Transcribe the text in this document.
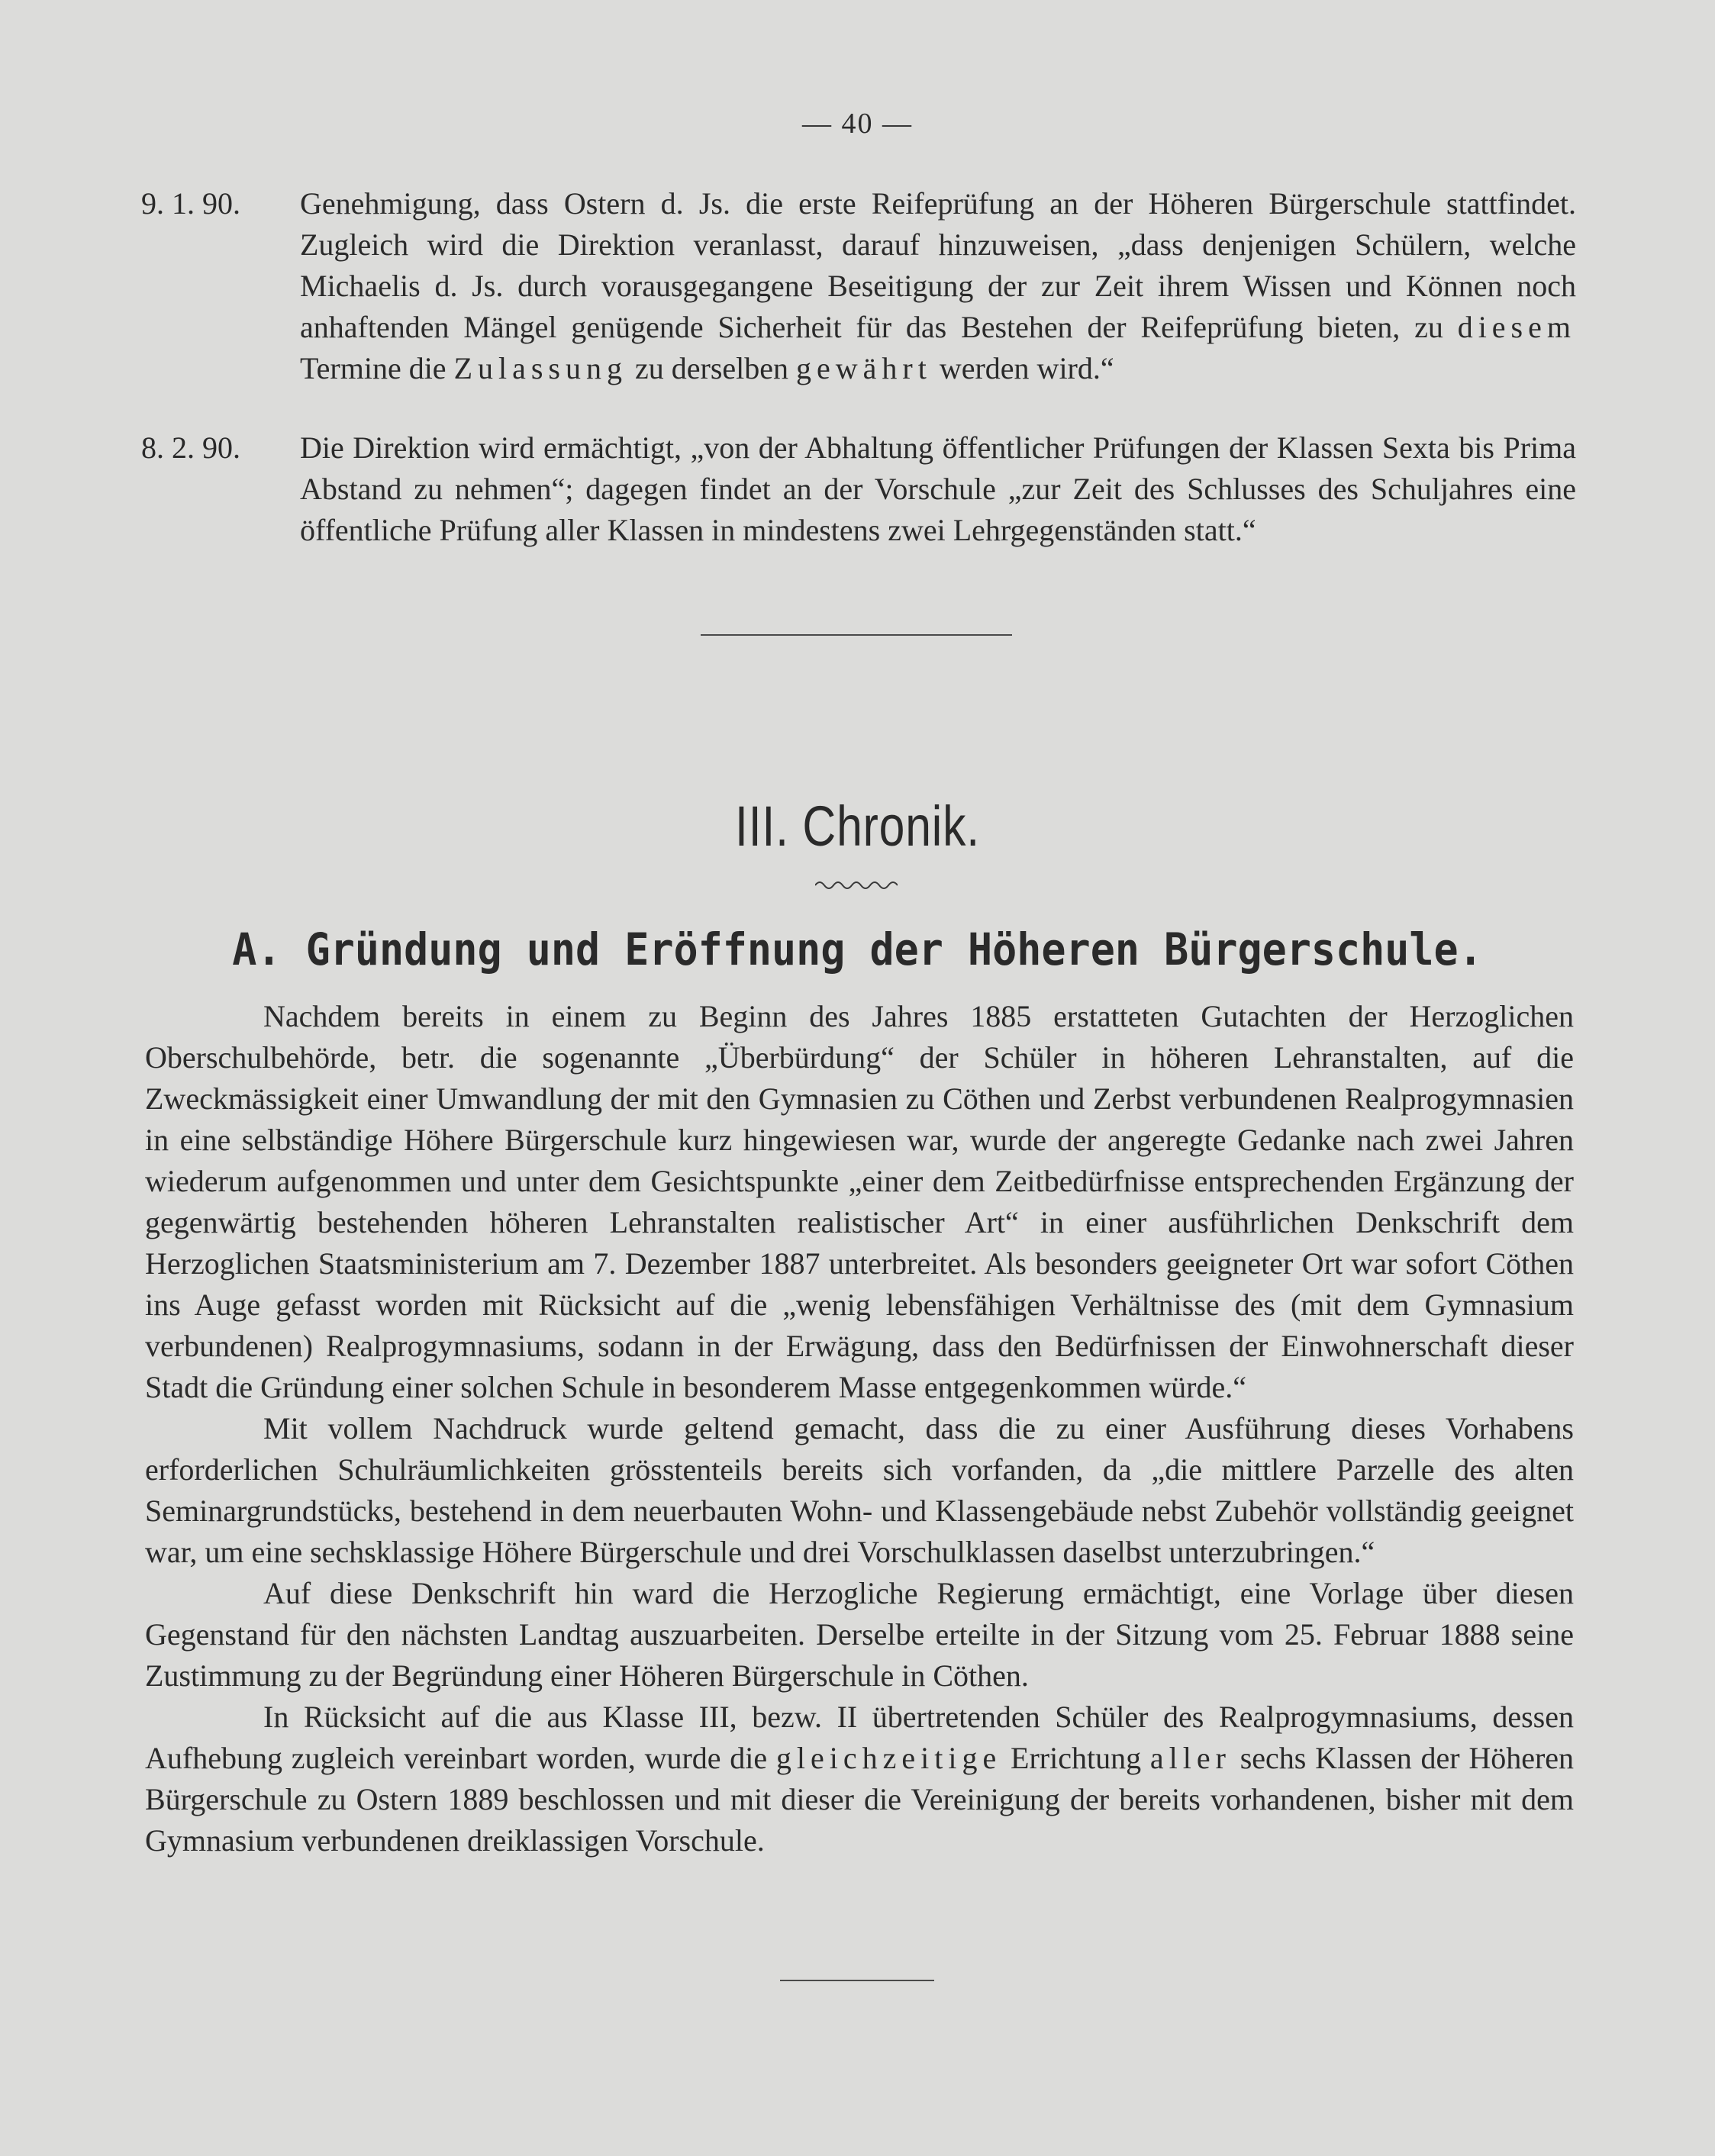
— 40 —
9. 1. 90.	Genehmigung, dass Ostern d. Js. die erste Reifeprüfung an der Höheren Bürgerschule stattfindet. Zugleich wird die Direktion veranlasst, darauf hinzuweisen, „dass denjenigen Schülern, welche Michaelis d. Js. durch vorausgegangene Beseitigung der zur Zeit ihrem Wissen und Können noch anhaftenden Mängel genügende Sicherheit für das Bestehen der Reifeprüfung bieten, zu diesem Termine die Zulassung zu derselben gewährt werden wird.“
8. 2. 90.	Die Direktion wird ermächtigt, „von der Abhaltung öffentlicher Prüfungen der Klassen Sexta bis Prima Abstand zu nehmen“; dagegen findet an der Vorschule „zur Zeit des Schlusses des Schuljahres eine öffentliche Prüfung aller Klassen in mindestens zwei Lehrgegenständen statt.“
III. Chronik.
A. Gründung und Eröffnung der Höheren Bürgerschule.

Nachdem bereits in einem zu Beginn des Jahres 1885 erstatteten Gutachten der Herzoglichen Oberschulbehörde, betr. die sogenannte „Überbürdung“ der Schüler in höheren Lehranstalten, auf die Zweckmässigkeit einer Umwandlung der mit den Gymnasien zu Cöthen und Zerbst verbundenen Realprogymnasien in eine selbständige Höhere Bürgerschule kurz hingewiesen war, wurde der angeregte Gedanke nach zwei Jahren wiederum aufgenommen und unter dem Gesichtspunkte „einer dem Zeitbedürfnisse entsprechenden Ergänzung der gegenwärtig bestehenden höheren Lehranstalten realistischer Art“ in einer ausführlichen Denkschrift dem Herzoglichen Staatsministerium am 7. Dezember 1887 unterbreitet. Als besonders geeigneter Ort war sofort Cöthen ins Auge gefasst worden mit Rücksicht auf die „wenig lebensfähigen Verhältnisse des (mit dem Gymnasium verbundenen) Realprogymnasiums, sodann in der Erwägung, dass den Bedürfnissen der Einwohnerschaft dieser Stadt die Gründung einer solchen Schule in besonderem Masse entgegenkommen würde.“

Mit vollem Nachdruck wurde geltend gemacht, dass die zu einer Ausführung dieses Vorhabens erforderlichen Schulräumlichkeiten grösstenteils bereits sich vorfanden, da „die mittlere Parzelle des alten Seminargrundstücks, bestehend in dem neuerbauten Wohn- und Klassengebäude nebst Zubehör vollständig geeignet war, um eine sechsklassige Höhere Bürgerschule und drei Vorschulklassen daselbst unterzubringen.“

Auf diese Denkschrift hin ward die Herzogliche Regierung ermächtigt, eine Vorlage über diesen Gegenstand für den nächsten Landtag auszuarbeiten. Derselbe erteilte in der Sitzung vom 25. Februar 1888 seine Zustimmung zu der Begründung einer Höheren Bürgerschule in Cöthen.

In Rücksicht auf die aus Klasse III, bezw. II übertretenden Schüler des Realprogymnasiums, dessen Aufhebung zugleich vereinbart worden, wurde die gleichzeitige Errichtung aller sechs Klassen der Höheren Bürgerschule zu Ostern 1889 beschlossen und mit dieser die Vereinigung der bereits vorhandenen, bisher mit dem Gymnasium verbundenen dreiklassigen Vorschule.
